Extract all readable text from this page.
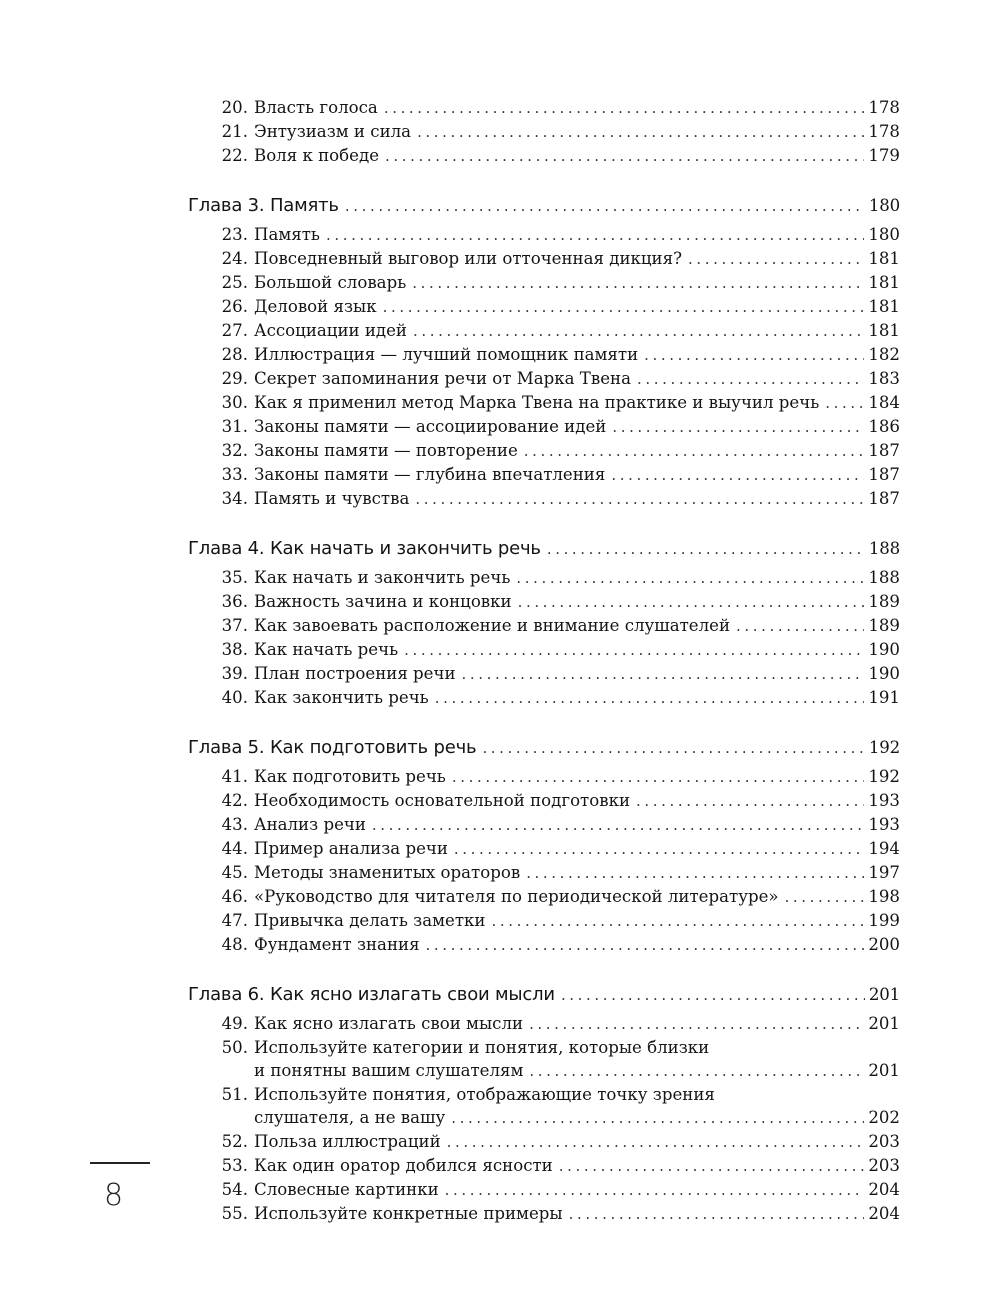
20. Власть голоса .....	178
21. Энтузиазм и сила .....	178
22. Воля к победе .....	179
Глава 3. Память .....	180
23. Память .....	180
24. Повседневный выговор или отточенная дикция? .....	181
25. Большой словарь .....	181
26. Деловой язык .....	181
27. Ассоциации идей .....	181
28. Иллюстрация — лучший помощник памяти .....	182
29. Секрет запоминания речи от Марка Твена .....	183
30. Как я применил метод Марка Твена на практике и выучил речь .....	184
31. Законы памяти — ассоциирование идей .....	186
32. Законы памяти — повторение .....	187
33. Законы памяти — глубина впечатления .....	187
34. Память и чувства .....	187
Глава 4. Как начать и закончить речь .....	188
35. Как начать и закончить речь .....	188
36. Важность зачина и концовки .....	189
37. Как завоевать расположение и внимание слушателей .....	189
38. Как начать речь .....	190
39. План построения речи .....	190
40. Как закончить речь .....	191
Глава 5. Как подготовить речь .....	192
41. Как подготовить речь .....	192
42. Необходимость основательной подготовки .....	193
43. Анализ речи .....	193
44. Пример анализа речи .....	194
45. Методы знаменитых ораторов .....	197
46. «Руководство для читателя по периодической литературе» .....	198
47. Привычка делать заметки .....	199
48. Фундамент знания .....	200
Глава 6. Как ясно излагать свои мысли .....	201
49. Как ясно излагать свои мысли .....	201
50. Используйте категории и понятия, которые близки
и понятны вашим слушателям .....	201
51. Используйте понятия, отображающие точку зрения
слушателя, а не вашу .....	202
52. Польза иллюстраций .....	203
53. Как один оратор добился ясности .....	203
54. Словесные картинки .....	204
55. Используйте конкретные примеры .....	204
8
